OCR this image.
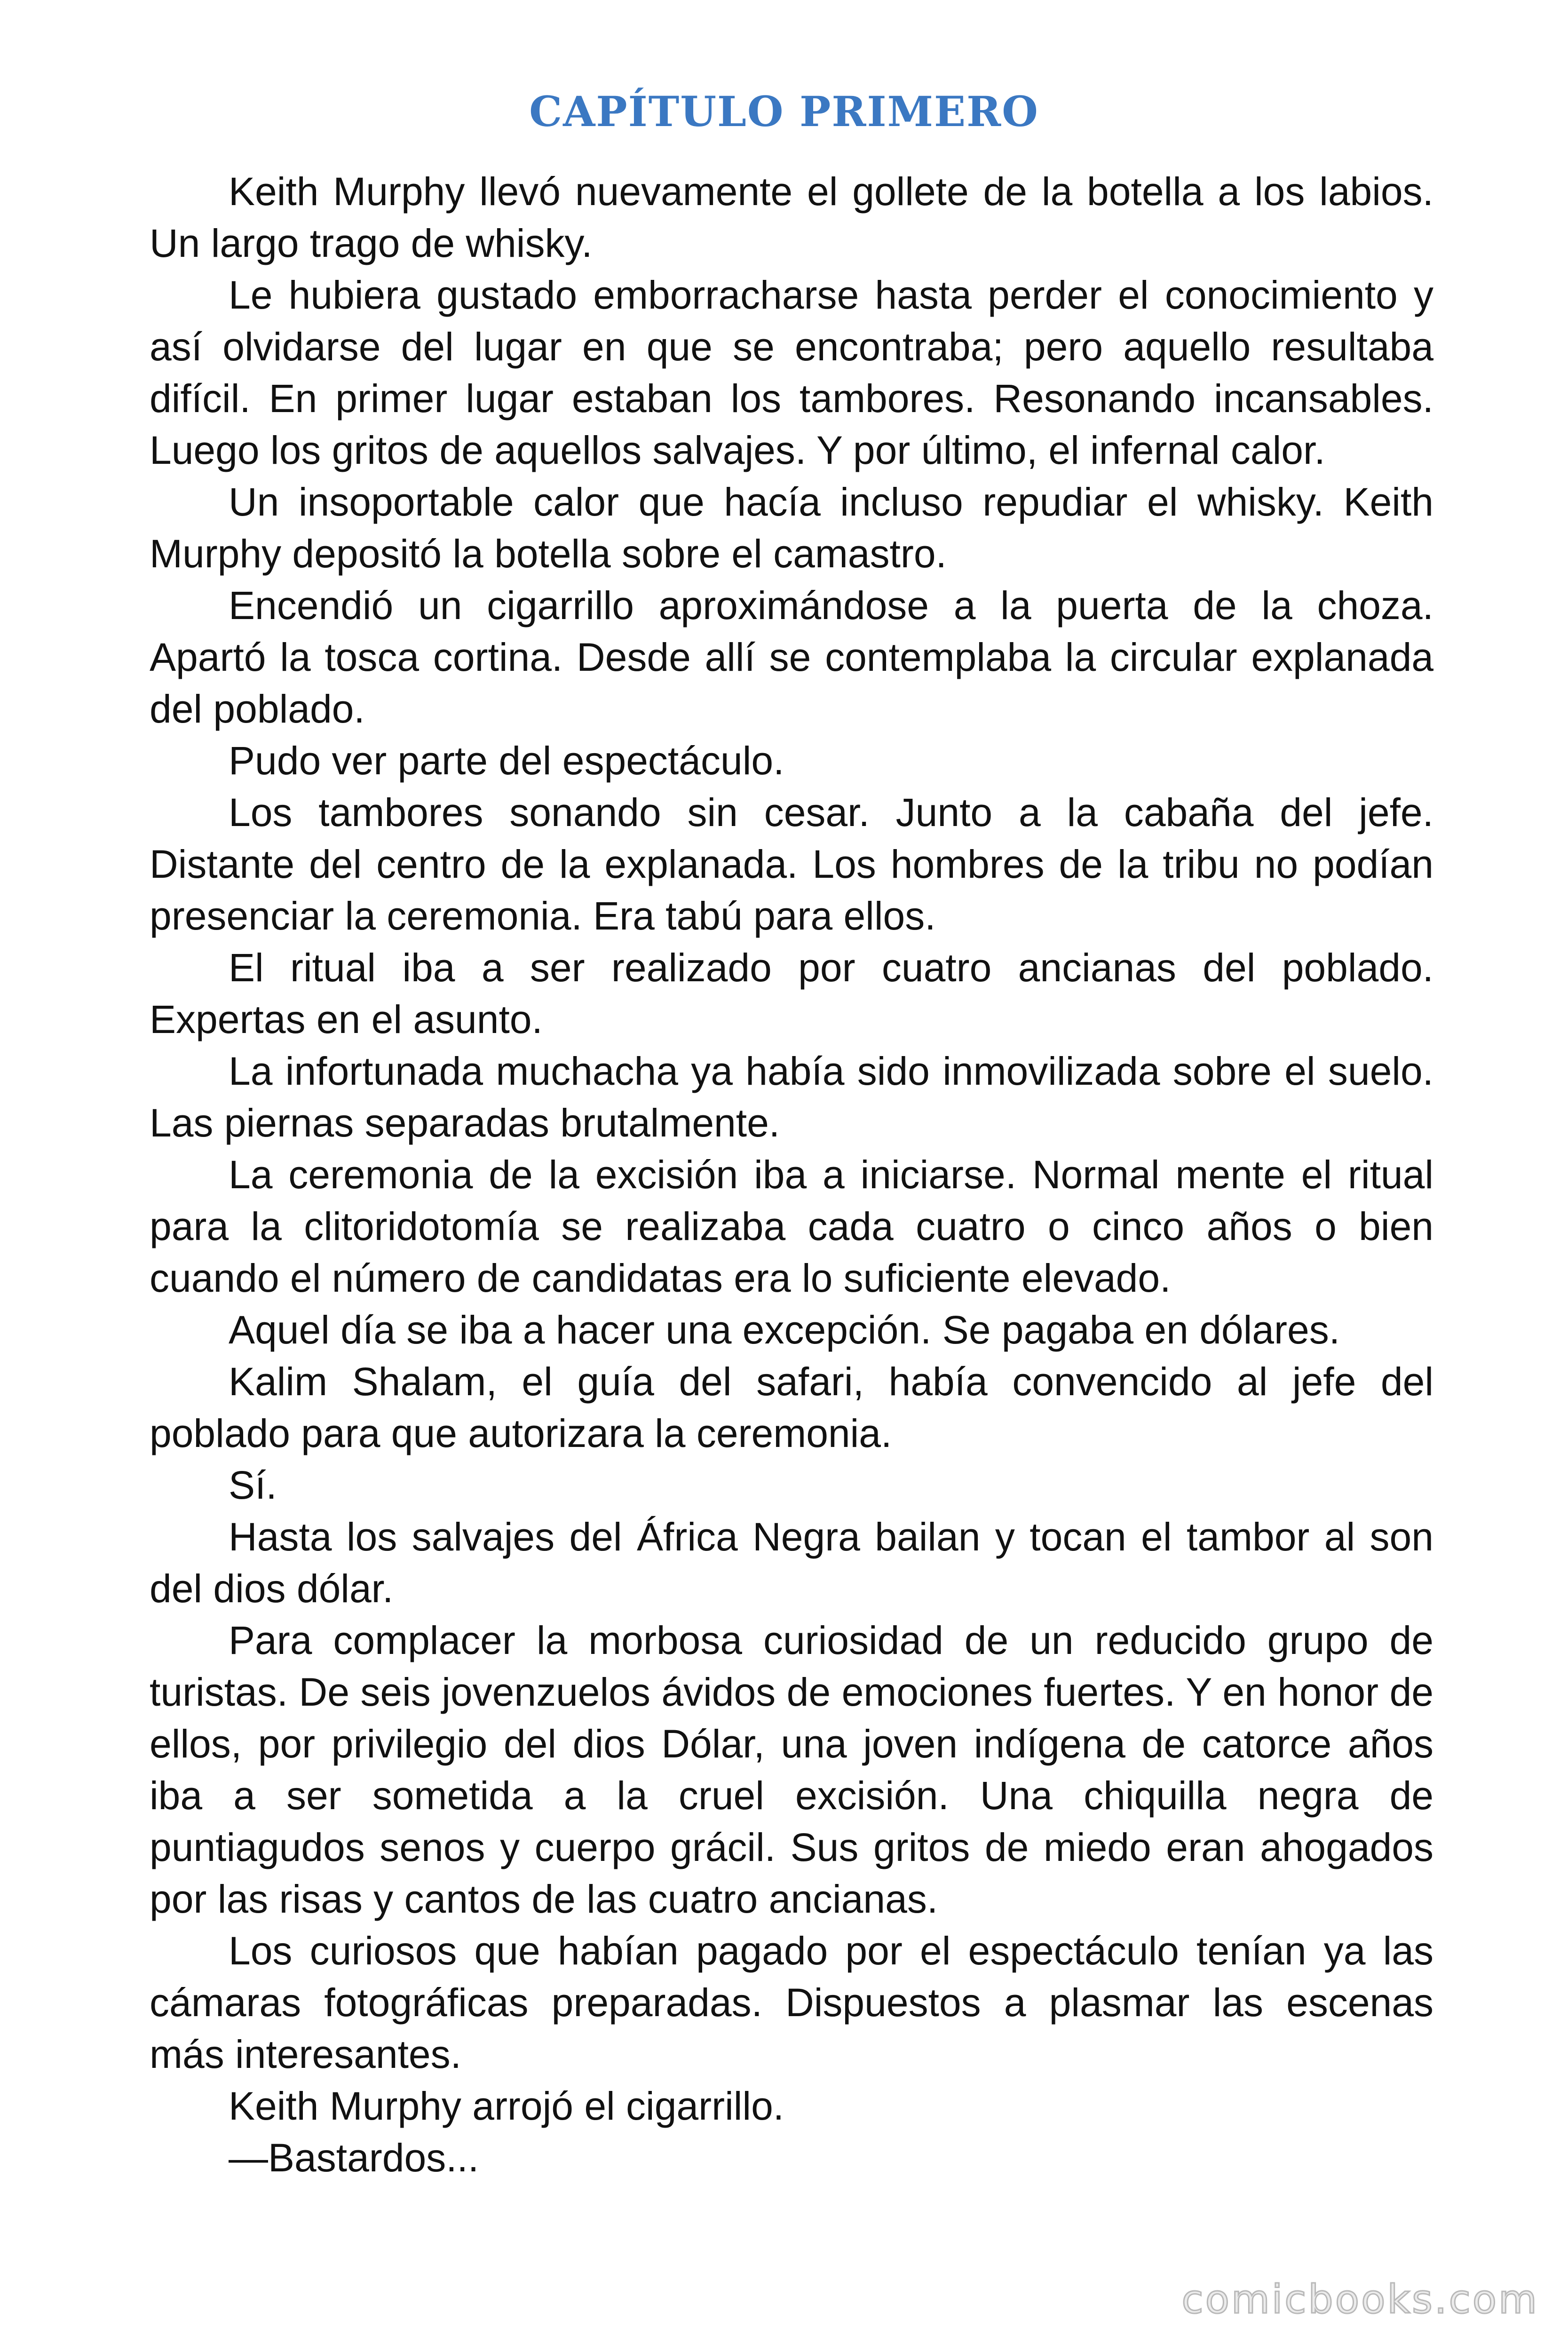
CAPÍTULO PRIMERO

Keith Murphy llevó nuevamente el gollete de la botella a los labios. Un largo trago de whisky.

Le hubiera gustado emborracharse hasta perder el conocimiento y así olvidarse del lugar en que se encontraba; pero aquello resultaba difícil. En primer lugar estaban los tambores. Resonando incansables. Luego los gritos de aquellos salvajes. Y por último, el infernal calor.

Un insoportable calor que hacía incluso repudiar el whisky. Keith Murphy depositó la botella sobre el camastro.

Encendió un cigarrillo aproximándose a la puerta de la choza. Apartó la tosca cortina. Desde allí se contemplaba la circular explanada del poblado.

Pudo ver parte del espectáculo.

Los tambores sonando sin cesar. Junto a la cabaña del jefe. Distante del centro de la explanada. Los hombres de la tribu no podían presenciar la ceremonia. Era tabú para ellos.

El ritual iba a ser realizado por cuatro ancianas del poblado. Expertas en el asunto.

La infortunada muchacha ya había sido inmovilizada sobre el suelo. Las piernas separadas brutalmente.

La ceremonia de la excisión iba a iniciarse. Normal mente el ritual para la clitoridotomía se realizaba cada cuatro o cinco años o bien cuando el número de candidatas era lo suficiente elevado.

Aquel día se iba a hacer una excepción. Se pagaba en dólares.

Kalim Shalam, el guía del safari, había convencido al jefe del poblado para que autorizara la ceremonia.

Sí.

Hasta los salvajes del África Negra bailan y tocan el tambor al son del dios dólar.

Para complacer la morbosa curiosidad de un reducido grupo de turistas. De seis jovenzuelos ávidos de emociones fuertes. Y en honor de ellos, por privilegio del dios Dólar, una joven indígena de catorce años iba a ser sometida a la cruel excisión. Una chiquilla negra de puntiagudos senos y cuerpo grácil. Sus gritos de miedo eran ahogados por las risas y cantos de las cuatro ancianas.

Los curiosos que habían pagado por el espectáculo tenían ya las cámaras fotográficas preparadas. Dispuestos a plasmar las escenas más interesantes.

Keith Murphy arrojó el cigarrillo.

—Bastardos...

comicbooks.com
